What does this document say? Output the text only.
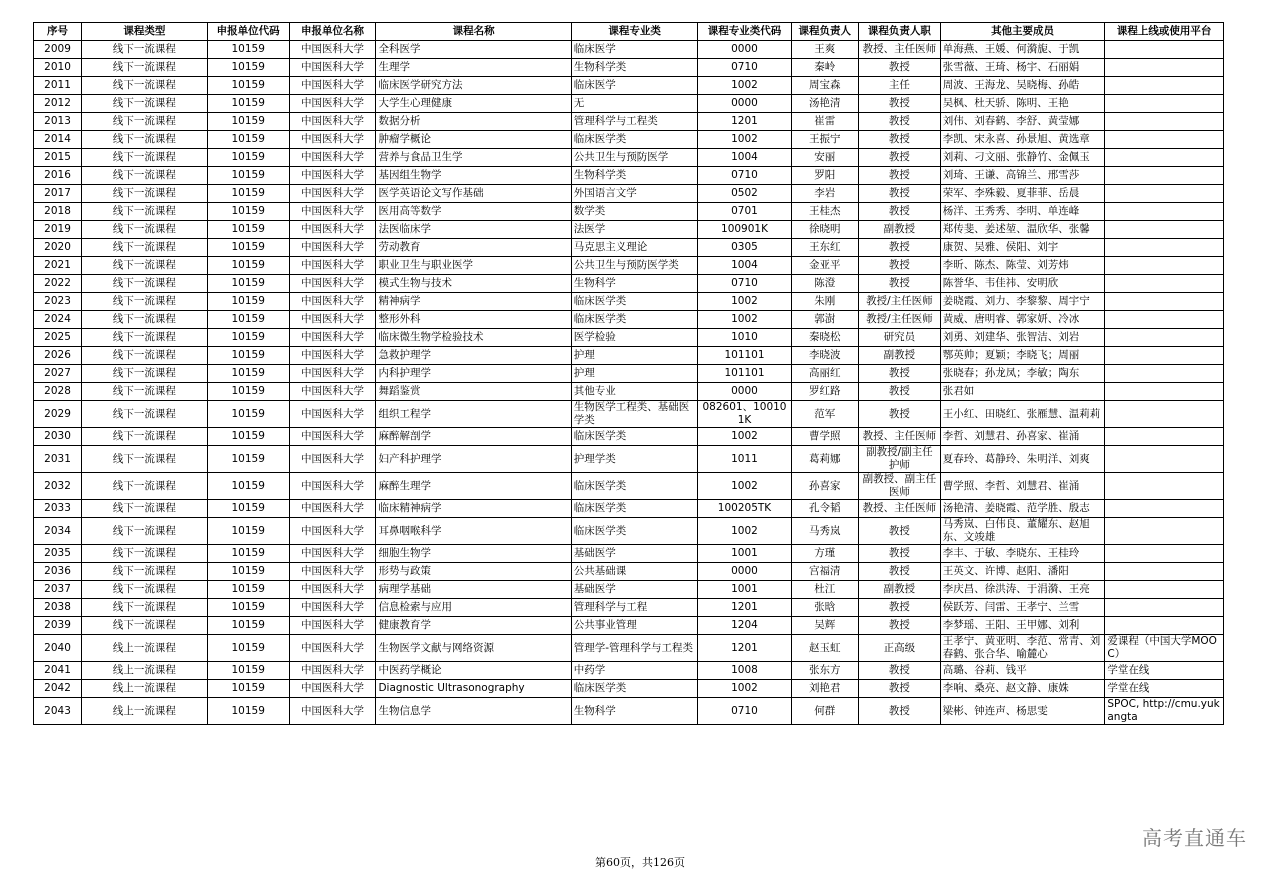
序号	课程类型	申报单位代码	申报单位名称	课程名称	课程专业类	课程专业类代码	课程负责人	课程负责人职	其他主要成员	课程上线或使用平台
2009	线下一流课程	10159	中国医科大学	全科医学	临床医学	0000	王爽	教授、主任医师	单海燕、王媛、何漪旎、于凯	
2010	线下一流课程	10159	中国医科大学	生理学	生物科学类	0710	秦岭	教授	张雪薇、王琦、杨宇、石丽娟	
2011	线下一流课程	10159	中国医科大学	临床医学研究方法	临床医学	1002	周宝森	主任	周波、王海龙、吴晓梅、孙皓	
2012	线下一流课程	10159	中国医科大学	大学生心理健康	无	0000	汤艳清	教授	吴枫、杜天骄、陈明、王艳	
2013	线下一流课程	10159	中国医科大学	数据分析	管理科学与工程类	1201	崔雷	教授	刘伟、刘春鹤、李舒、黄莹娜	
2014	线下一流课程	10159	中国医科大学	肿瘤学概论	临床医学类	1002	王振宁	教授	李凯、宋永喜、孙景旭、黄选章	
2015	线下一流课程	10159	中国医科大学	营养与食品卫生学	公共卫生与预防医学	1004	安丽	教授	刘莉、刁文丽、张静竹、金佩玉	
2016	线下一流课程	10159	中国医科大学	基因组生物学	生物科学类	0710	罗阳	教授	刘琦、王谦、高锦兰、邢雪莎	
2017	线下一流课程	10159	中国医科大学	医学英语论文写作基础	外国语言文学	0502	李岩	教授	荣军、李殊毅、夏菲菲、岳晨	
2018	线下一流课程	10159	中国医科大学	医用高等数学	数学类	0701	王桂杰	教授	杨洋、王秀秀、李明、单连峰	
2019	线下一流课程	10159	中国医科大学	法医临床学	法医学	100901K	徐晓明	副教授	郑传斐、姜述堃、温欣华、张馨	
2020	线下一流课程	10159	中国医科大学	劳动教育	马克思主义理论	0305	王东红	教授	康贺、吴雅、侯阳、刘宇	
2021	线下一流课程	10159	中国医科大学	职业卫生与职业医学	公共卫生与预防医学类	1004	金亚平	教授	李昕、陈杰、陈莹、刘芳炜	
2022	线下一流课程	10159	中国医科大学	模式生物与技术	生物科学	0710	陈澄	教授	陈誉华、韦佳祎、安明欣	
2023	线下一流课程	10159	中国医科大学	精神病学	临床医学类	1002	朱刚	教授/主任医师	姜晓霞、刘力、李黎黎、周宇宁	
2024	线下一流课程	10159	中国医科大学	整形外科	临床医学类	1002	郭澍	教授/主任医师	黄威、唐明睿、郭家妍、冷冰	
2025	线下一流课程	10159	中国医科大学	临床微生物学检验技术	医学检验	1010	秦晓松	研究员	刘勇、刘建华、张智洁、刘岩	
2026	线下一流课程	10159	中国医科大学	急救护理学	护理	101101	李晓波	副教授	鄂英帅；夏颖；李晓飞；周丽	
2027	线下一流课程	10159	中国医科大学	内科护理学	护理	101101	高丽红	教授	张晓春；孙龙凤；李敏；陶东	
2028	线下一流课程	10159	中国医科大学	舞蹈鉴赏	其他专业	0000	罗红路	教授	张君如	
2029	线下一流课程	10159	中国医科大学	组织工程学	生物医学工程类、基础医学类	082601、100101K	范军	教授	王小红、田晓红、张雁慧、温莉莉	
2030	线下一流课程	10159	中国医科大学	麻醉解剖学	临床医学类	1002	曹学照	教授、主任医师	李哲、刘慧君、孙喜家、崔涌	
2031	线下一流课程	10159	中国医科大学	妇产科护理学	护理学类	1011	葛莉娜	副教授/副主任护师	夏春玲、葛静玲、朱明洋、刘爽	
2032	线下一流课程	10159	中国医科大学	麻醉生理学	临床医学类	1002	孙喜家	副教授、副主任医师	曹学照、李哲、刘慧君、崔涌	
2033	线下一流课程	10159	中国医科大学	临床精神病学	临床医学类	100205TK	孔令韬	教授、主任医师	汤艳清、姜晓霞、范学胜、殷志	
2034	线下一流课程	10159	中国医科大学	耳鼻咽喉科学	临床医学类	1002	马秀岚	教授	马秀岚、白伟良、董耀东、赵旭东、文竣雄	
2035	线下一流课程	10159	中国医科大学	细胞生物学	基础医学	1001	方瑾	教授	李丰、于敏、李晓东、王桂玲	
2036	线下一流课程	10159	中国医科大学	形势与政策	公共基础课	0000	宫福清	教授	王英文、许博、赵阳、潘阳	
2037	线下一流课程	10159	中国医科大学	病理学基础	基础医学	1001	杜江	副教授	李庆昌、徐洪涛、于涓漪、王亮	
2038	线下一流课程	10159	中国医科大学	信息检索与应用	管理科学与工程	1201	张晗	教授	侯跃芳、闫雷、王孝宁、兰雪	
2039	线下一流课程	10159	中国医科大学	健康教育学	公共事业管理	1204	吴辉	教授	李梦瑶、王阳、王甲娜、刘利	
2040	线上一流课程	10159	中国医科大学	生物医学文献与网络资源	管理学-管理科学与工程类	1201	赵玉虹	正高级	王孝宁、黄亚明、李范、常青、刘春鹤、张合华、喻麓心	爱课程（中国大学MOOC）
2041	线上一流课程	10159	中国医科大学	中医药学概论	中药学	1008	张东方	教授	高璐、谷莉、钱平	学堂在线
2042	线上一流课程	10159	中国医科大学	Diagnostic Ultrasonography	临床医学类	1002	刘艳君	教授	李响、桑亮、赵文静、康姝	学堂在线
2043	线上一流课程	10159	中国医科大学	生物信息学	生物科学	0710	何群	教授	梁彬、钟连声、杨思雯	SPOC, http://cmu.yukangta
高考直通车
第60页，共126页
